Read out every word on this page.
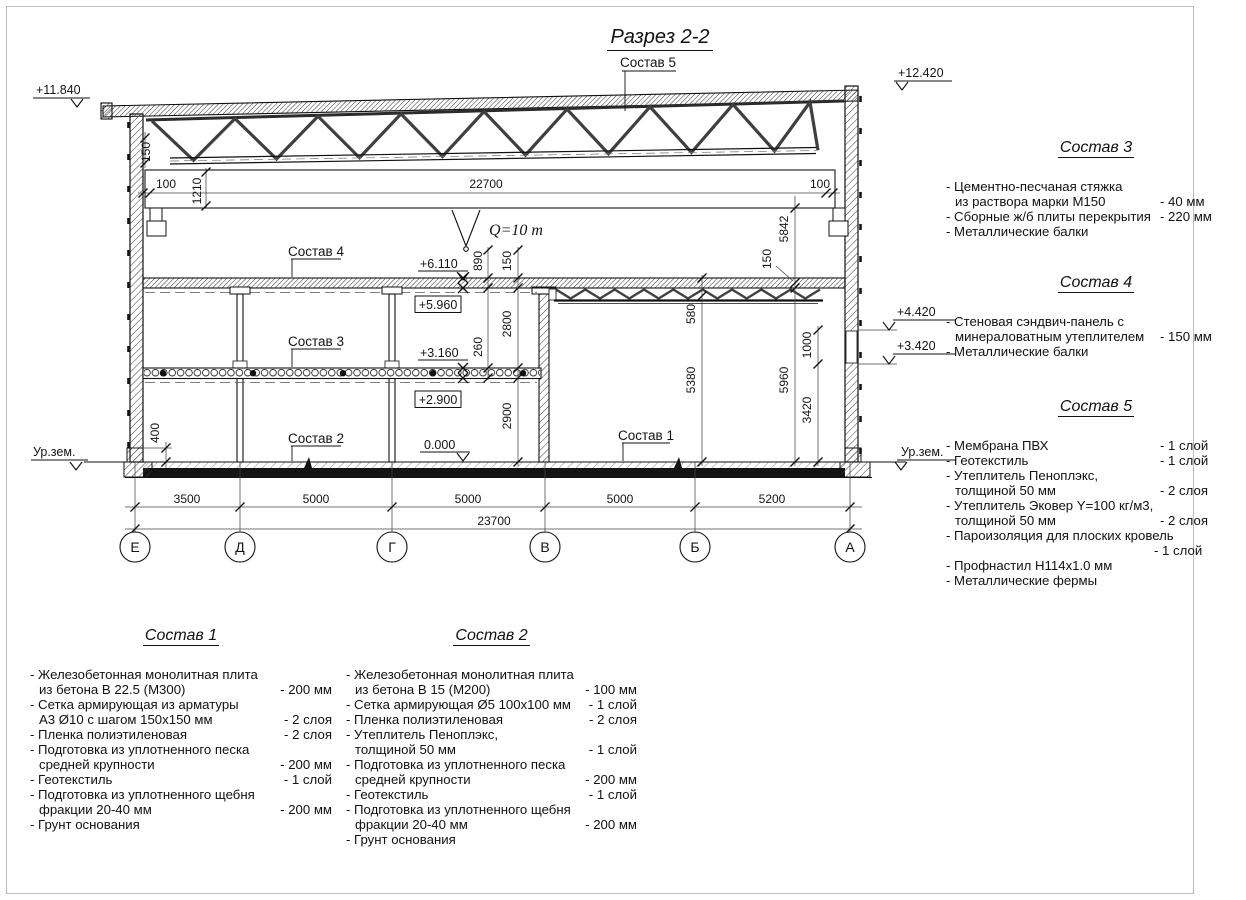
Е	Д	Г	В	Б	А
3500	5000	5000	5000	5200
23700
150
100 1210	22700	100
890 150
2800
260
2900
5842
150
580
5380	5960
1000
3420
400
+11.840
+12.420
+4.420
+3.420
Ур.зем.	Ур.зем.
+6.110
+5.960
+3.160
+2.900
0.000
Состав 5
Состав 4
Состав 3
Состав 2	Состав 1
Q=10 т
Разрез 2-2
Состав 3
- Цементно-песчаная стяжка
из раствора марки М150	- 40 мм
- Сборные ж/б плиты перекрытия - 220 мм
- Металлические балки
Состав 4
- Стеновая сэндвич-панель с
минераловатным утеплителем - 150 мм
- Металлические балки
Состав 5
- Мембрана ПВХ	- 1 слой
- Геотекстиль	- 1 слой
- Утеплитель Пеноплэкс,
толщиной 50 мм	- 2 слоя
- Утеплитель Эковер Y=100 кг/м3,
толщиной 50 мм	- 2 слоя
- Пароизоляция для плоских кровель
- 1 слой
- Профнастил Н114х1.0 мм
- Металлические фермы
Состав 1
- Железобетонная монолитная плита
из бетона В 22.5 (М300)	- 200 мм
- Сетка армирующая из арматуры
А3 Ø10 с шагом 150х150 мм	- 2 слоя
- Пленка полиэтиленовая	- 2 слоя
- Подготовка из уплотненного песка
средней крупности	- 200 мм
- Геотекстиль	- 1 слой
- Подготовка из уплотненного щебня
фракции 20-40 мм	- 200 мм
- Грунт основания
Состав 2
- Железобетонная монолитная плита
из бетона В 15 (М200)	- 100 мм
- Сетка армирующая Ø5 100х100 мм - 1 слой
- Пленка полиэтиленовая	- 2 слоя
- Утеплитель Пеноплэкс,
толщиной 50 мм	- 1 слой
- Подготовка из уплотненного песка
средней крупности	- 200 мм
- Геотекстиль	- 1 слой
- Подготовка из уплотненного щебня
фракции 20-40 мм	- 200 мм
- Грунт основания
